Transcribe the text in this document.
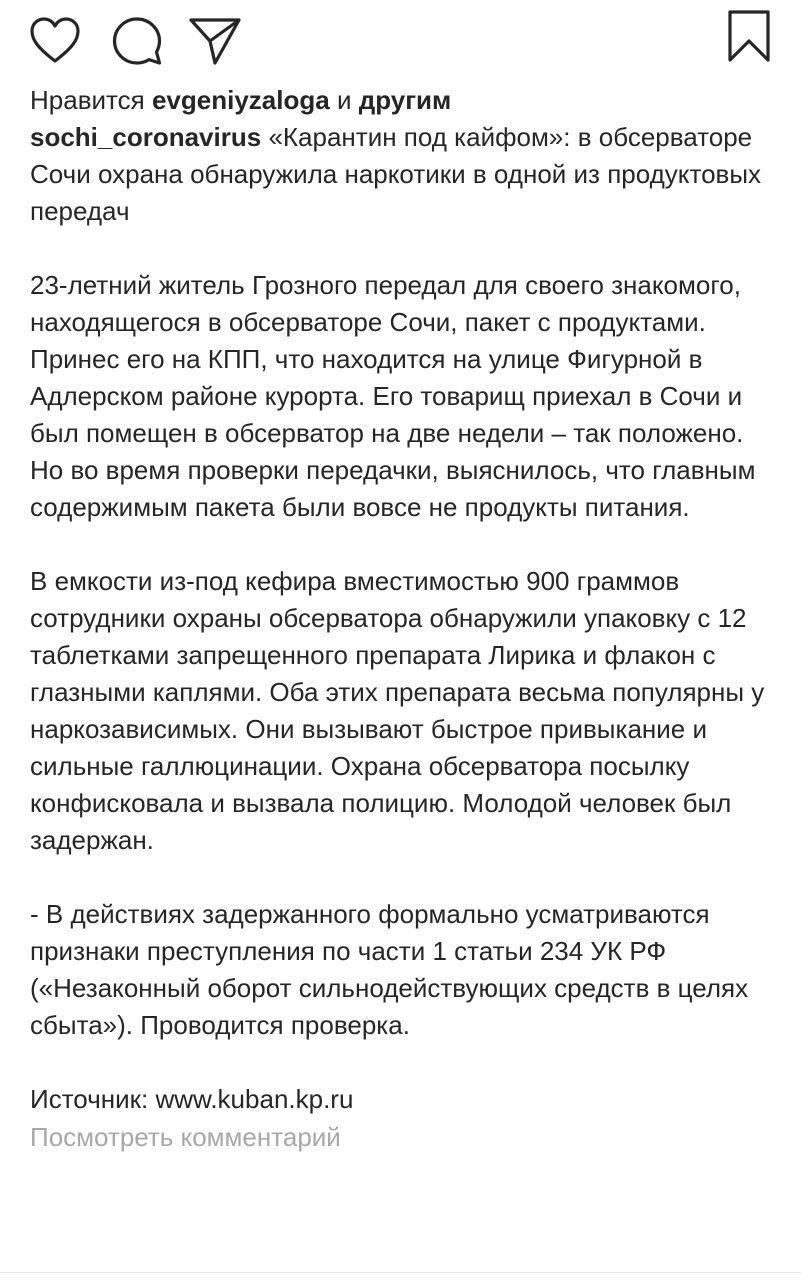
Нравится evgeniyzaloga и другим

sochi_coronavirus «Карантин под кайфом»: в обсерваторе Сочи охрана обнаружила наркотики в одной из продуктовых передач

23-летний житель Грозного передал для своего знакомого, находящегося в обсерваторе Сочи, пакет с продуктами. Принес его на КПП, что находится на улице Фигурной в Адлерском районе курорта. Его товарищ приехал в Сочи и был помещен в обсерватор на две недели – так положено. Но во время проверки передачки, выяснилось, что главным содержимым пакета были вовсе не продукты питания.

В емкости из-под кефира вместимостью 900 граммов сотрудники охраны обсерватора обнаружили упаковку с 12 таблетками запрещенного препарата Лирика и флакон с глазными каплями. Оба этих препарата весьма популярны у наркозависимых. Они вызывают быстрое привыкание и сильные галлюцинации. Охрана обсерватора посылку конфисковала и вызвала полицию. Молодой человек был задержан.

- В действиях задержанного формально усматриваются признаки преступления по части 1 статьи 234 УК РФ («Незаконный оборот сильнодействующих средств в целях сбыта»). Проводится проверка.

Источник: www.kuban.kp.ru

Посмотреть комментарий
